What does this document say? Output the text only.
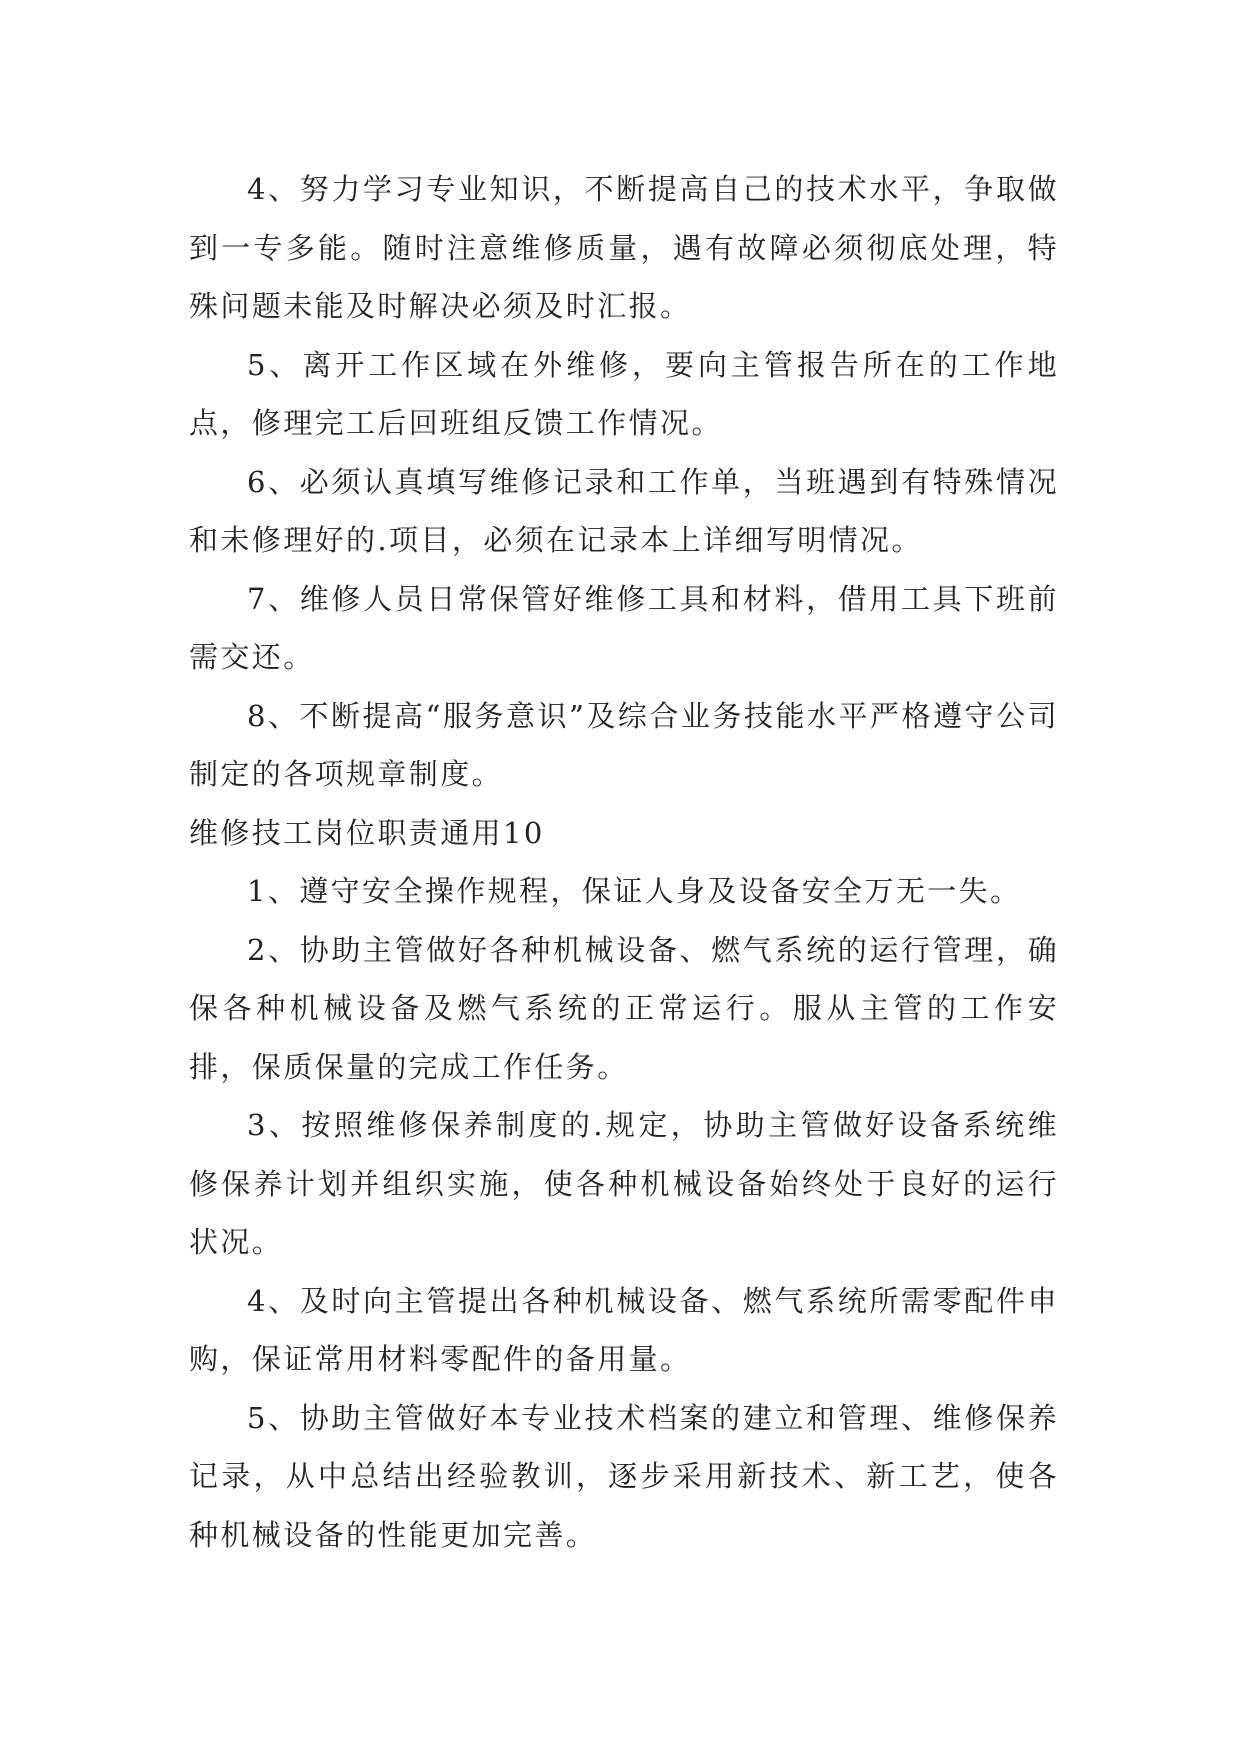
4、努力学习专业知识，不断提高自己的技术水平，争取做到一专多能。随时注意维修质量，遇有故障必须彻底处理，特殊问题未能及时解决必须及时汇报。

5、离开工作区域在外维修，要向主管报告所在的工作地点，修理完工后回班组反馈工作情况。

6、必须认真填写维修记录和工作单，当班遇到有特殊情况和未修理好的.项目，必须在记录本上详细写明情况。

7、维修人员日常保管好维修工具和材料，借用工具下班前需交还。

8、不断提高“服务意识”及综合业务技能水平严格遵守公司制定的各项规章制度。

维修技工岗位职责通用10

1、遵守安全操作规程，保证人身及设备安全万无一失。

2、协助主管做好各种机械设备、燃气系统的运行管理，确保各种机械设备及燃气系统的正常运行。服从主管的工作安排，保质保量的完成工作任务。

3、按照维修保养制度的.规定，协助主管做好设备系统维修保养计划并组织实施，使各种机械设备始终处于良好的运行状况。

4、及时向主管提出各种机械设备、燃气系统所需零配件申购，保证常用材料零配件的备用量。

5、协助主管做好本专业技术档案的建立和管理、维修保养记录，从中总结出经验教训，逐步采用新技术、新工艺，使各种机械设备的性能更加完善。
